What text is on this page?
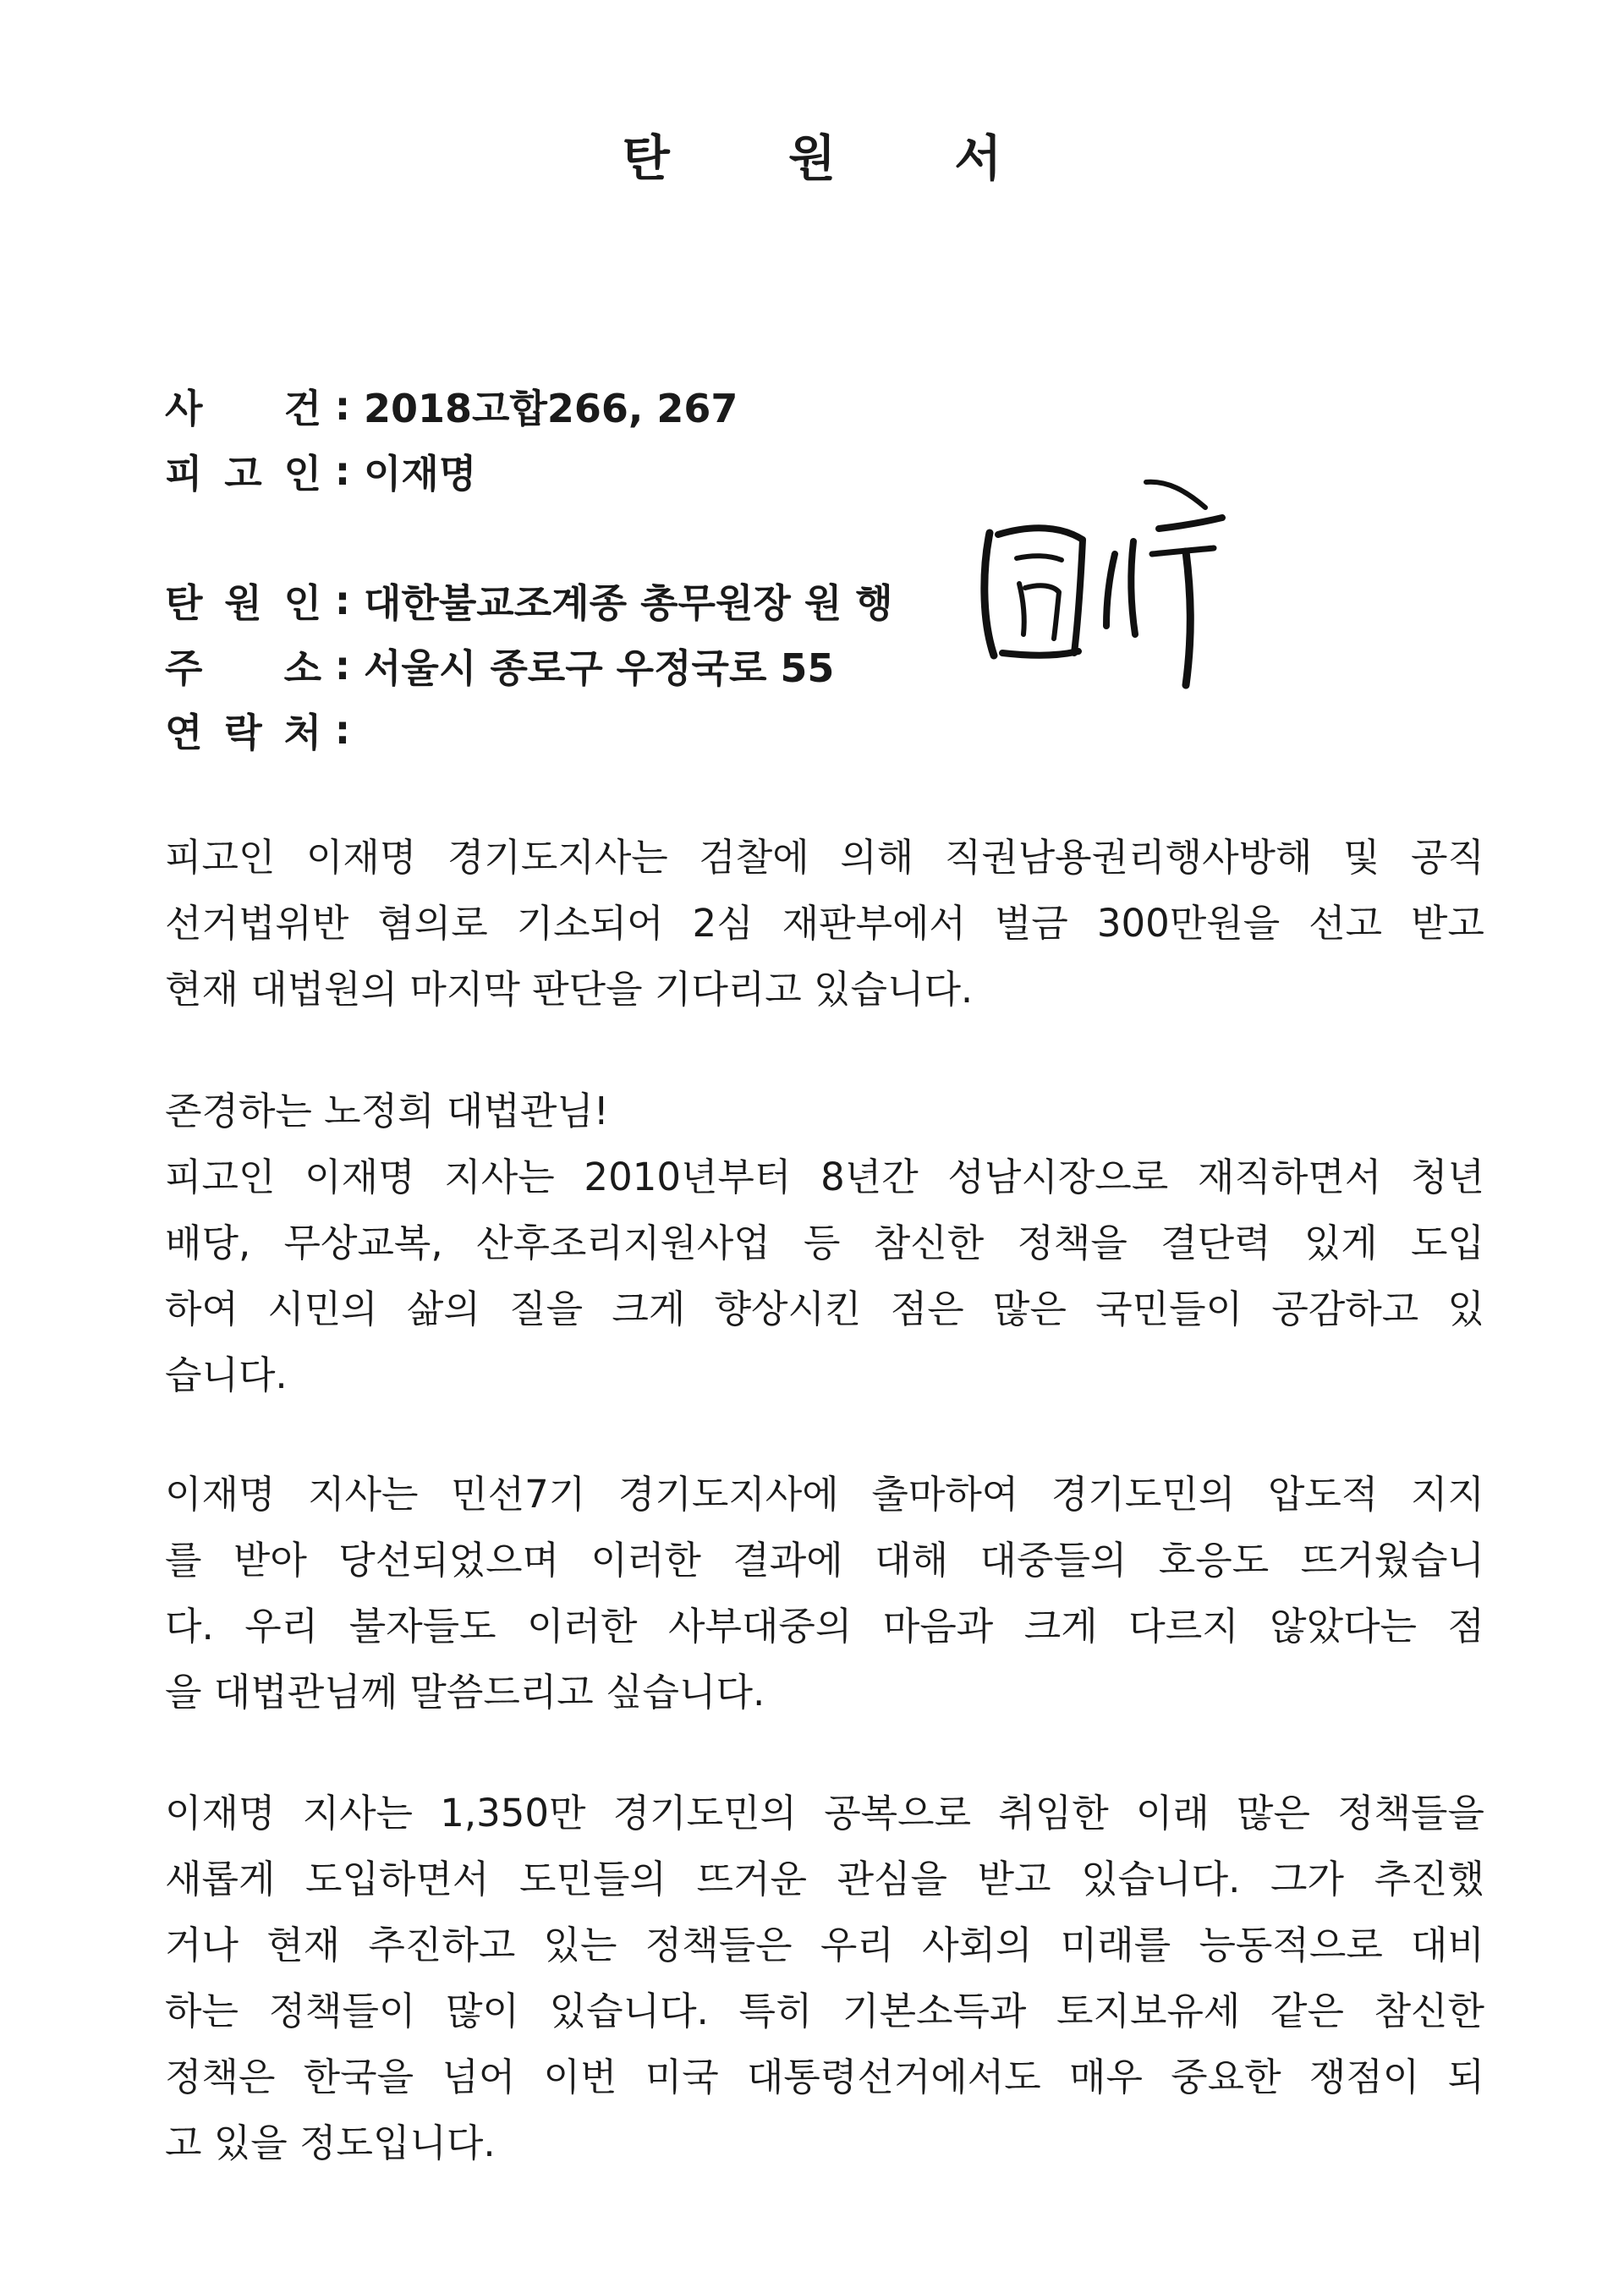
탄 원 서
사 건 : 2018고합266, 267
피 고 인 : 이재명
탄 원 인 : 대한불교조계종 총무원장 원 행
주 소 : 서울시 종로구 우정국로 55
연 락 처 :
피고인 이재명 경기도지사는 검찰에 의해 직권남용권리행사방해 및 공직
선거법위반 혐의로 기소되어 2심 재판부에서 벌금 300만원을 선고 받고
현재 대법원의 마지막 판단을 기다리고 있습니다.
존경하는 노정희 대법관님!
피고인 이재명 지사는 2010년부터 8년간 성남시장으로 재직하면서 청년
배당, 무상교복, 산후조리지원사업 등 참신한 정책을 결단력 있게 도입
하여 시민의 삶의 질을 크게 향상시킨 점은 많은 국민들이 공감하고 있
습니다.
이재명 지사는 민선7기 경기도지사에 출마하여 경기도민의 압도적 지지
를 받아 당선되었으며 이러한 결과에 대해 대중들의 호응도 뜨거웠습니
다. 우리 불자들도 이러한 사부대중의 마음과 크게 다르지 않았다는 점
을 대법관님께 말씀드리고 싶습니다.
이재명 지사는 1,350만 경기도민의 공복으로 취임한 이래 많은 정책들을
새롭게 도입하면서 도민들의 뜨거운 관심을 받고 있습니다. 그가 추진했
거나 현재 추진하고 있는 정책들은 우리 사회의 미래를 능동적으로 대비
하는 정책들이 많이 있습니다. 특히 기본소득과 토지보유세 같은 참신한
정책은 한국을 넘어 이번 미국 대통령선거에서도 매우 중요한 쟁점이 되
고 있을 정도입니다.
